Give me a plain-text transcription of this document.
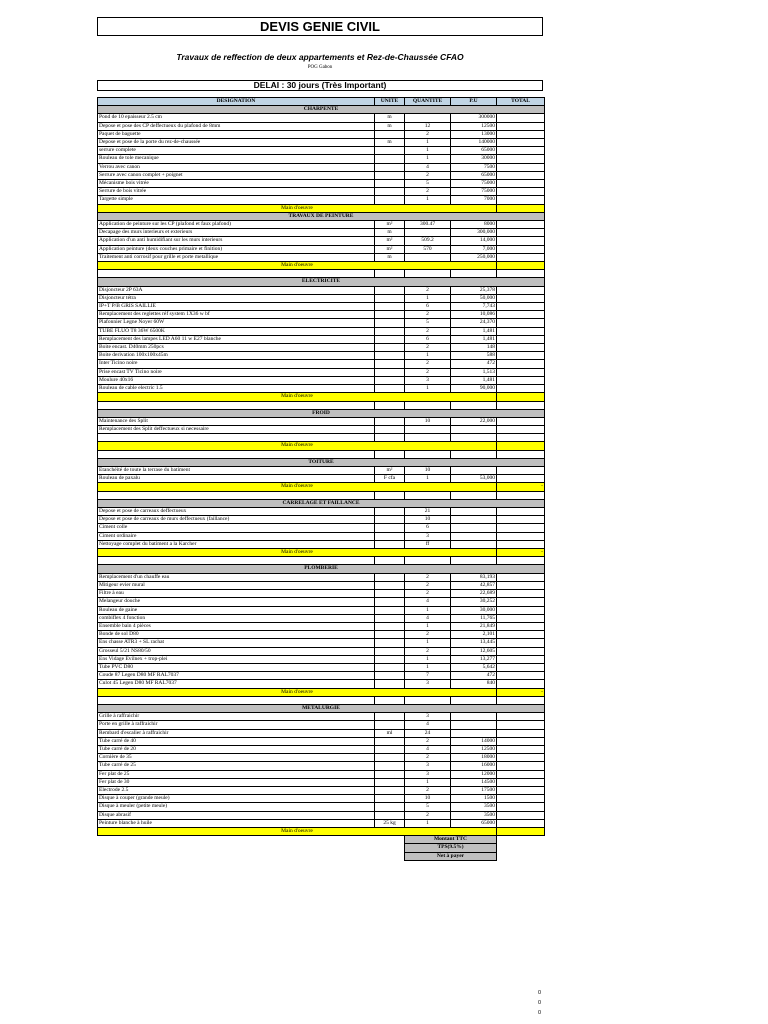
DEVIS GENIE CIVIL
Travaux de reffection de deux appartements et Rez-de-Chaussée CFAO
POG Gabon
DELAI : 30 jours (Très Important)
DESIGNATION	UNITE	QUANTITE	P.U	TOTAL
CHARPENTE				
Pond de 10 epaisseur 2.5 cm	m		300000	
Depose et pose des CP deffectueux du plafond de 8mm	m	12	12500	
Paquet de baguette		2	13000	
Depose et pose de la porte du rez-de-chaussée	m	1	140000	
serrure complete		1	65000	
Rouleau de tole mecanique		1	30000	
Verrou avec canon		4	7500	
Serrure avec canon complet + poignet		2	65000	
Mécanisme bois vitrée		5	75000	
Serrure de bois vitrée		2	75000	
Targette simple		1	7000	
Main d'oeuvre				
TRAVAUX DE PEINTURE				
Application de peinture sur les CP (plafond et faux plafond)	m²	300.47	8000	
Decapage des murs interieurs et exterieurs	m		300,000	
Application d'un anti humidifiant sur les murs interieurs	m²	509.2	14,000	
Application peinture (deux couches primaire et finition)	m²	570	7,000	
Traitement anti corrosif pour grille et porte metallique	m		250,000	
Main d'oeuvre				

ELECTRICITE				
Disjoncteur 2P 63A		2	25,378	
Disjoncteur tétra		1	50,000	
IP+T P/B GRIS SAILLIE		6	7,743	
Remplacement des reglettes réf system 1X36 w bf		2	10,086	
Plafonnier Legne Noyer 60W		5	24,370	
TUBE FLUO T8 36W 6500K		2	1,481	
Remplacement des lampes LED A60 11 w E27 blanche		6	1,481	
Boite encast. D40mm 250pcs		2	148	
Boite derivation 100x100x45m		1	588	
Inter Ticino noire		2	472	
Prise encast TV Ticino noire		2	1,513	
Moulure 40x16		3	1,481	
Rouleau de cable electric 1.5		1	90,000	
Main d'oeuvre				

FROID				
Maintenance des Split		10	22,000	
Remplacement des Split deffectueux si necessaire				

Main d'oeuvre				

TOITURE				
Etanchéité de toute la terrase du batiment	m²	10		
Rouleau de paxalu	F cfa	1	53,000	
Main d'oeuvre				-

CARRELAGE ET FAILLANCE				
Depose et pose de carreaux deffectueux		21		
Depose et pose de carreaux de murs deffectueux (faillance)		10		
Ciment colle		6		
Ciment ordinaire		3		
Nettoyage complet du batiment a la Karcher		ff		
Main d'oeuvre				-

PLOMBERIE				
Remplacement d'un chauffe eau		2	83,193	
Mitigeur evier mural		2	42,857	
Filtre à eau		2	22,689	
Melangeur douche		4	30,252	
Rouleau de gaine		1	30,000	
combiflex 4 fonction		4	11,765	
Ensemble bain 4 pièces		1	21,849	
Bonde de sol D80		2	2,101	
Ens chasse ATR3 + SL rachat		1	13,445	
Grosseul 5/21 NS80/50		2	12,605	
Ens Vidage Evilnex + trop-plei		1	13,277	
Tube PVC D80		1	5,642	
Coude 87 Legen D80 MF RAL7037		7	472	
Culot 45 Legen D80 MF RAL7037		3	840	
Main d'oeuvre				-

METALURGIE				
Grille à raffraichir		3		
Porte en grille à raffraichir		4		
Rembard d'escalier à raffraichir	ml	24		
Tube carré de 40		2	14000	
Tube carré de 20		4	12500	
Cornière de 35		2	18000	
Tube carré de 25		3	16000	
Fer plat de 25		3	12000	
Fer plat de 30		1	14500	
Electrode 2.5		2	17500	
Disque à couper (grande meule)		10	1500	
Disque à meuler (petite meule)		5	3500	
Disque abrasif		2	3500	
Peinture blanche à huile	25 kg	1	65000	
Main d'oeuvre				
		Montant TTC		
		TPS(9.5%)		
		Net à payer		
0
0
0
